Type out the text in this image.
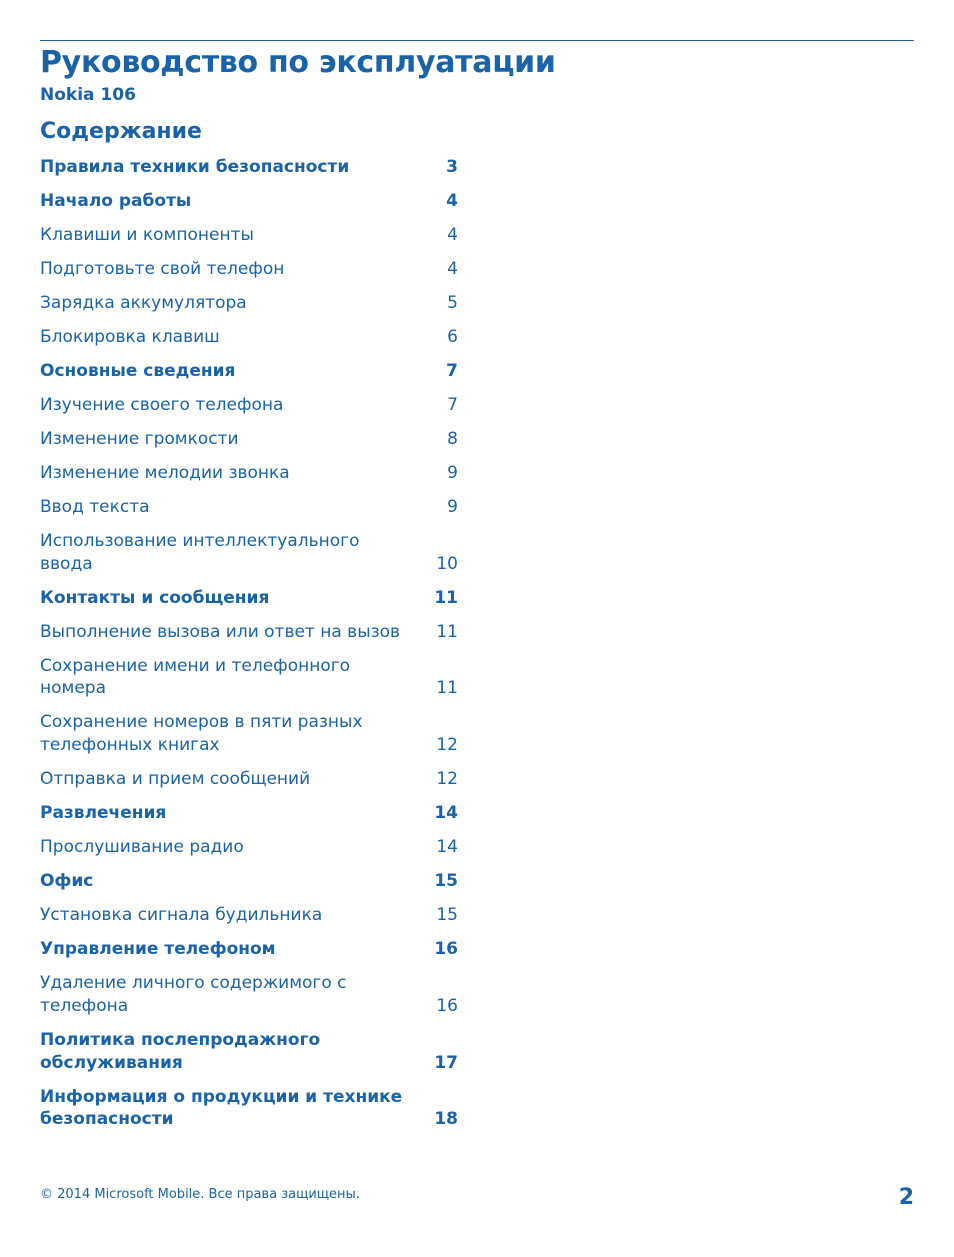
Руководство по эксплуатации
Nokia 106
Содержание
Правила техники безопасности	3
Начало работы	4
Клавиши и компоненты	4
Подготовьте свой телефон	4
Зарядка аккумулятора	5
Блокировка клавиш	6
Основные сведения	7
Изучение своего телефона	7
Изменение громкости	8
Изменение мелодии звонка	9
Ввод текста	9
Использование интеллектуального ввода	10
Контакты и сообщения	11
Выполнение вызова или ответ на вызов	11
Сохранение имени и телефонного номера	11
Сохранение номеров в пяти разных телефонных книгах	12
Отправка и прием сообщений	12
Развлечения	14
Прослушивание радио	14
Офис	15
Установка сигнала будильника	15
Управление телефоном	16
Удаление личного содержимого с телефона	16
Политика послепродажного обслуживания	17
Информация о продукции и технике безопасности	18
© 2014 Microsoft Mobile. Все права защищены.	2
